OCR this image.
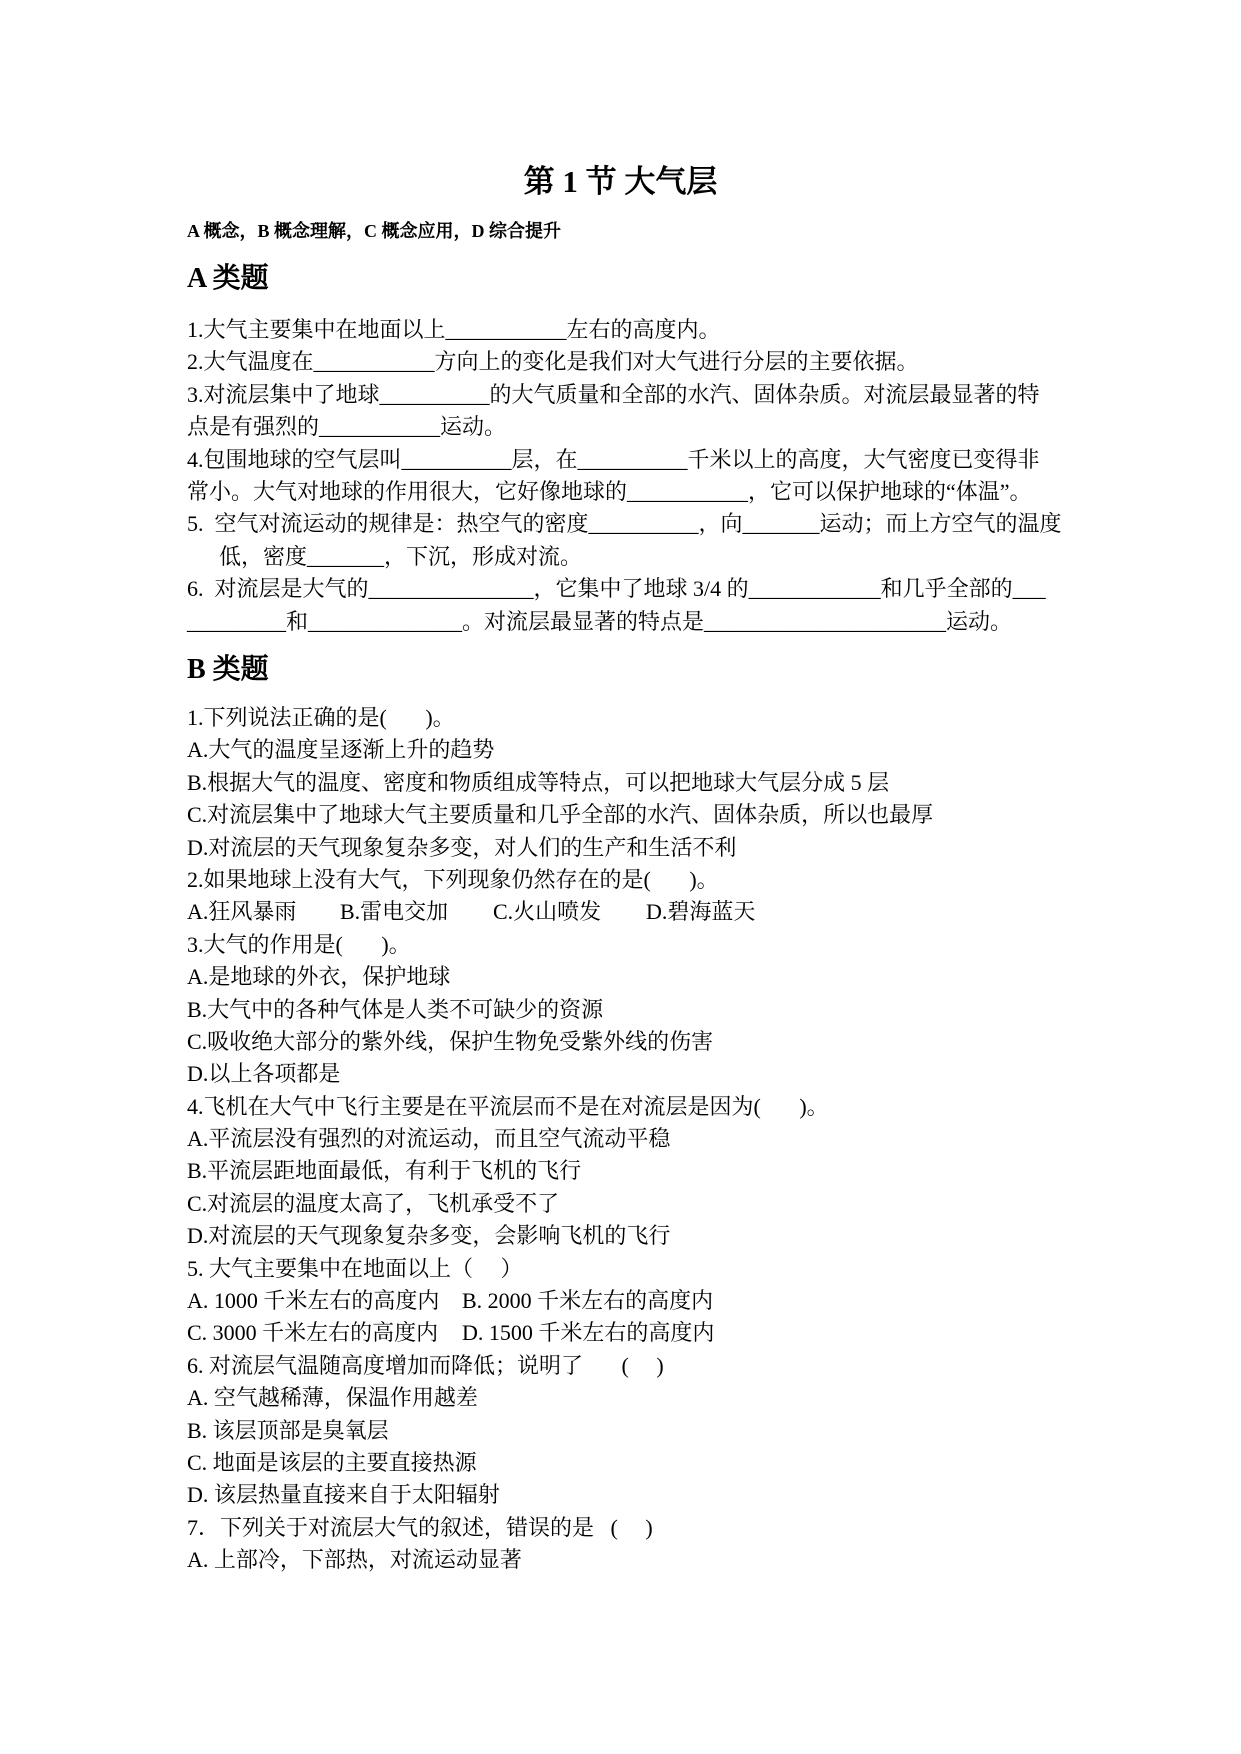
第 1 节 大气层
A 概念，B 概念理解，C 概念应用，D 综合提升
A 类题
1.大气主要集中在地面以上___________左右的高度内。
2.大气温度在___________方向上的变化是我们对大气进行分层的主要依据。
3.对流层集中了地球__________的大气质量和全部的水汽、固体杂质。对流层最显著的特
点是有强烈的___________运动。
4.包围地球的空气层叫__________层，在__________千米以上的高度，大气密度已变得非
常小。大气对地球的作用很大，它好像地球的___________，它可以保护地球的“体温”。
5.  空气对流运动的规律是：热空气的密度__________，向_______运动；而上方空气的温度
低，密度_______，下沉，形成对流。
6.  对流层是大气的_______________，它集中了地球 3/4 的____________和几乎全部的___
_________和______________。对流层最显著的特点是______________________运动。
B 类题
1.下列说法正确的是(       )。
A.大气的温度呈逐渐上升的趋势
B.根据大气的温度、密度和物质组成等特点，可以把地球大气层分成 5 层
C.对流层集中了地球大气主要质量和几乎全部的水汽、固体杂质，所以也最厚
D.对流层的天气现象复杂多变，对人们的生产和生活不利
2.如果地球上没有大气，下列现象仍然存在的是(       )。
A.狂风暴雨	B.雷电交加	C.火山喷发	D.碧海蓝天
3.大气的作用是(       )。
A.是地球的外衣，保护地球
B.大气中的各种气体是人类不可缺少的资源
C.吸收绝大部分的紫外线，保护生物免受紫外线的伤害
D.以上各项都是
4.飞机在大气中飞行主要是在平流层而不是在对流层是因为(       )。
A.平流层没有强烈的对流运动，而且空气流动平稳
B.平流层距地面最低，有利于飞机的飞行
C.对流层的温度太高了，飞机承受不了
D.对流层的天气现象复杂多变，会影响飞机的飞行
5. 大气主要集中在地面以上（     ）
A. 1000 千米左右的高度内	B. 2000 千米左右的高度内
C. 3000 千米左右的高度内	D. 1500 千米左右的高度内
6. 对流层气温随高度增加而降低；说明了       (     )
A. 空气越稀薄，保温作用越差
B. 该层顶部是臭氧层
C. 地面是该层的主要直接热源
D. 该层热量直接来自于太阳辐射
7．下列关于对流层大气的叙述，错误的是   (     )
A. 上部冷，下部热，对流运动显著
